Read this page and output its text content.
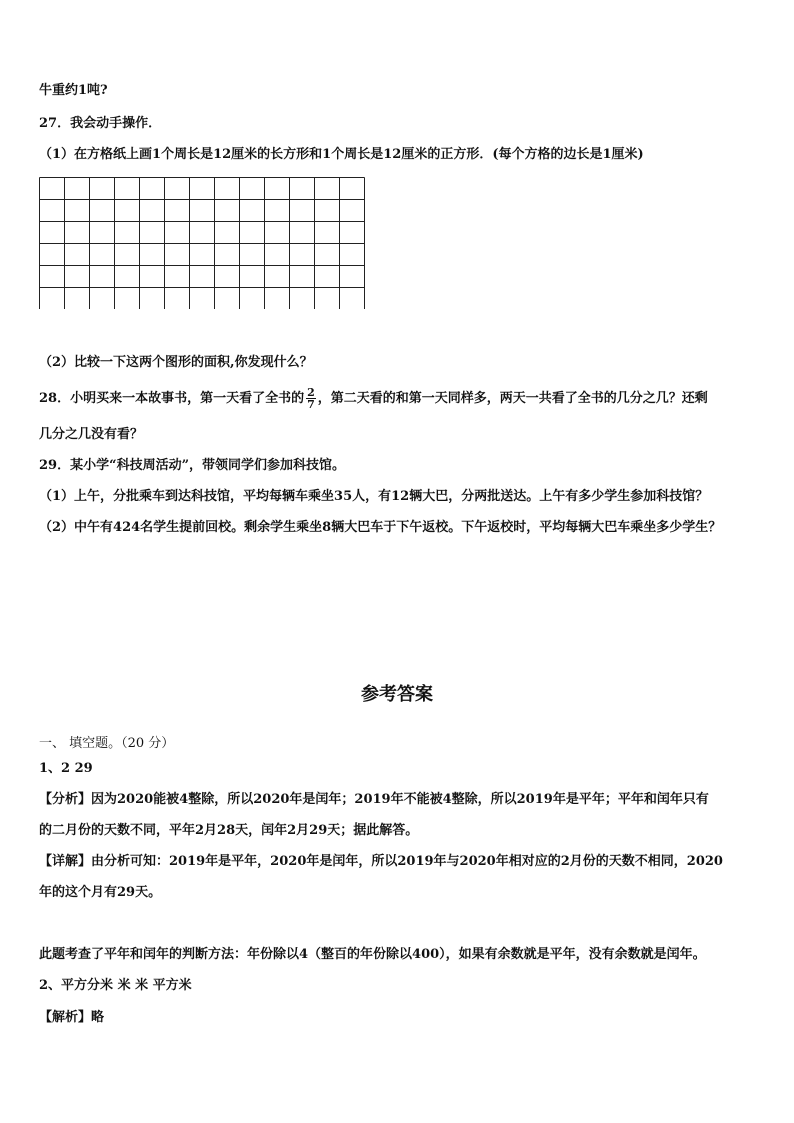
牛重约1吨?
27．我会动手操作．
（1）在方格纸上画1个周长是12厘米的长方形和1个周长是12厘米的正方形．(每个方格的边长是1厘米)
（2）比较一下这两个图形的面积,你发现什么？
28．小明买来一本故事书，第一天看了全书的 $\frac{2}{7}$ ，第二天看的和第一天同样多，两天一共看了全书的几分之几？还剩
几分之几没有看？
29．某小学“科技周活动”，带领同学们参加科技馆。
（1）上午，分批乘车到达科技馆，平均每辆车乘坐35人，有12辆大巴，分两批送达。上午有多少学生参加科技馆？
（2）中午有424名学生提前回校。剩余学生乘坐8辆大巴车于下午返校。下午返校时，平均每辆大巴车乘坐多少学生？
参考答案
一、 填空题。（20 分）
1、2 29
【分析】因为2020能被4整除，所以2020年是闰年；2019年不能被4整除，所以2019年是平年；平年和闰年只有
的二月份的天数不同，平年2月28天，闰年2月29天；据此解答。
【详解】由分析可知：2019年是平年，2020年是闰年，所以2019年与2020年相对应的2月份的天数不相同，2020
年的这个月有29天。
此题考查了平年和闰年的判断方法：年份除以4（整百的年份除以400），如果有余数就是平年，没有余数就是闰年。
2、平方分米 米 米 平方米
【解析】略
